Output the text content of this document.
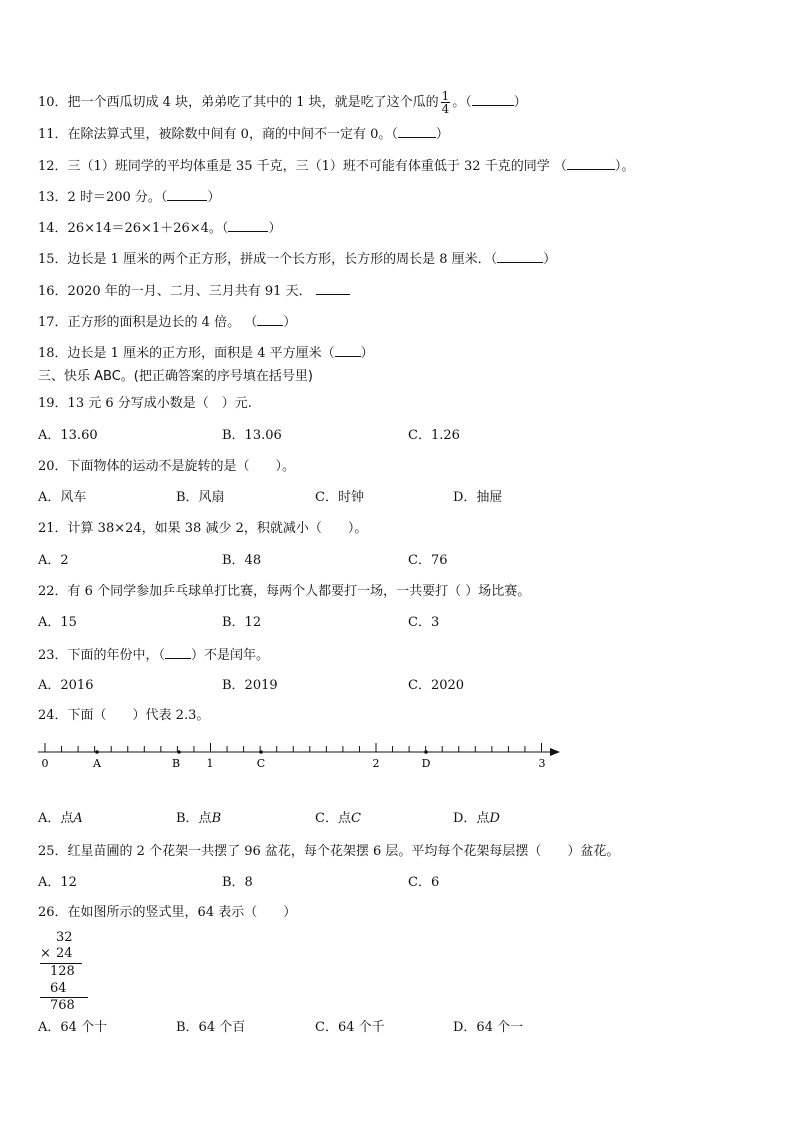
10．把一个西瓜切成 4 块，弟弟吃了其中的 1 块，就是吃了这个瓜的 $\frac{1}{4}$ 。（	）
11．在除法算式里，被除数中间有 0，商的中间不一定有 0。（	）
12．三（1）班同学的平均体重是 35 千克，三（1）班不可能有体重低于 32 千克的同学 （	）。
13．2 时＝200 分。（	）
14．26×14＝26×1＋26×4。（	）
15．边长是 1 厘米的两个正方形，拼成一个长方形，长方形的周长是 8 厘米．（	）
16．2020 年的一月、二月、三月共有 91 天．
17．正方形的面积是边长的 4 倍。 （ ）
18．边长是 1 厘米的正方形，面积是 4 平方厘米（ ）
三、快乐 ABC。(把正确答案的序号填在括号里)
19．13 元 6 分写成小数是（　）元.
A．13.60	B．13.06	C．1.26
20．下面物体的运动不是旋转的是（　　）。
A．风车	B．风扇	C．时钟	D．抽屉
21．计算 38×24，如果 38 减少 2，积就减小（　　）。
A．2	B．48	C．76
22．有 6 个同学参加乒乓球单打比赛，每两个人都要打一场，一共要打（ ）场比赛。
A．15	B．12	C．3
23．下面的年份中，（ ）不是闰年。
A．2016	B．2019	C．2020
24．下面（　　）代表 2.3。
0	A	B 1	C	2	D	3
A．点A	B．点B	C．点C	D．点D
25．红星苗圃的 2 个花架一共摆了 96 盆花，每个花架摆 6 层。平均每个花架每层摆（　　）盆花。
A．12	B．8	C．6
26．在如图所示的竖式里，64 表示（　　）
32
× 24
128
64
768
A．64 个十	B．64 个百	C．64 个千	D．64 个一
